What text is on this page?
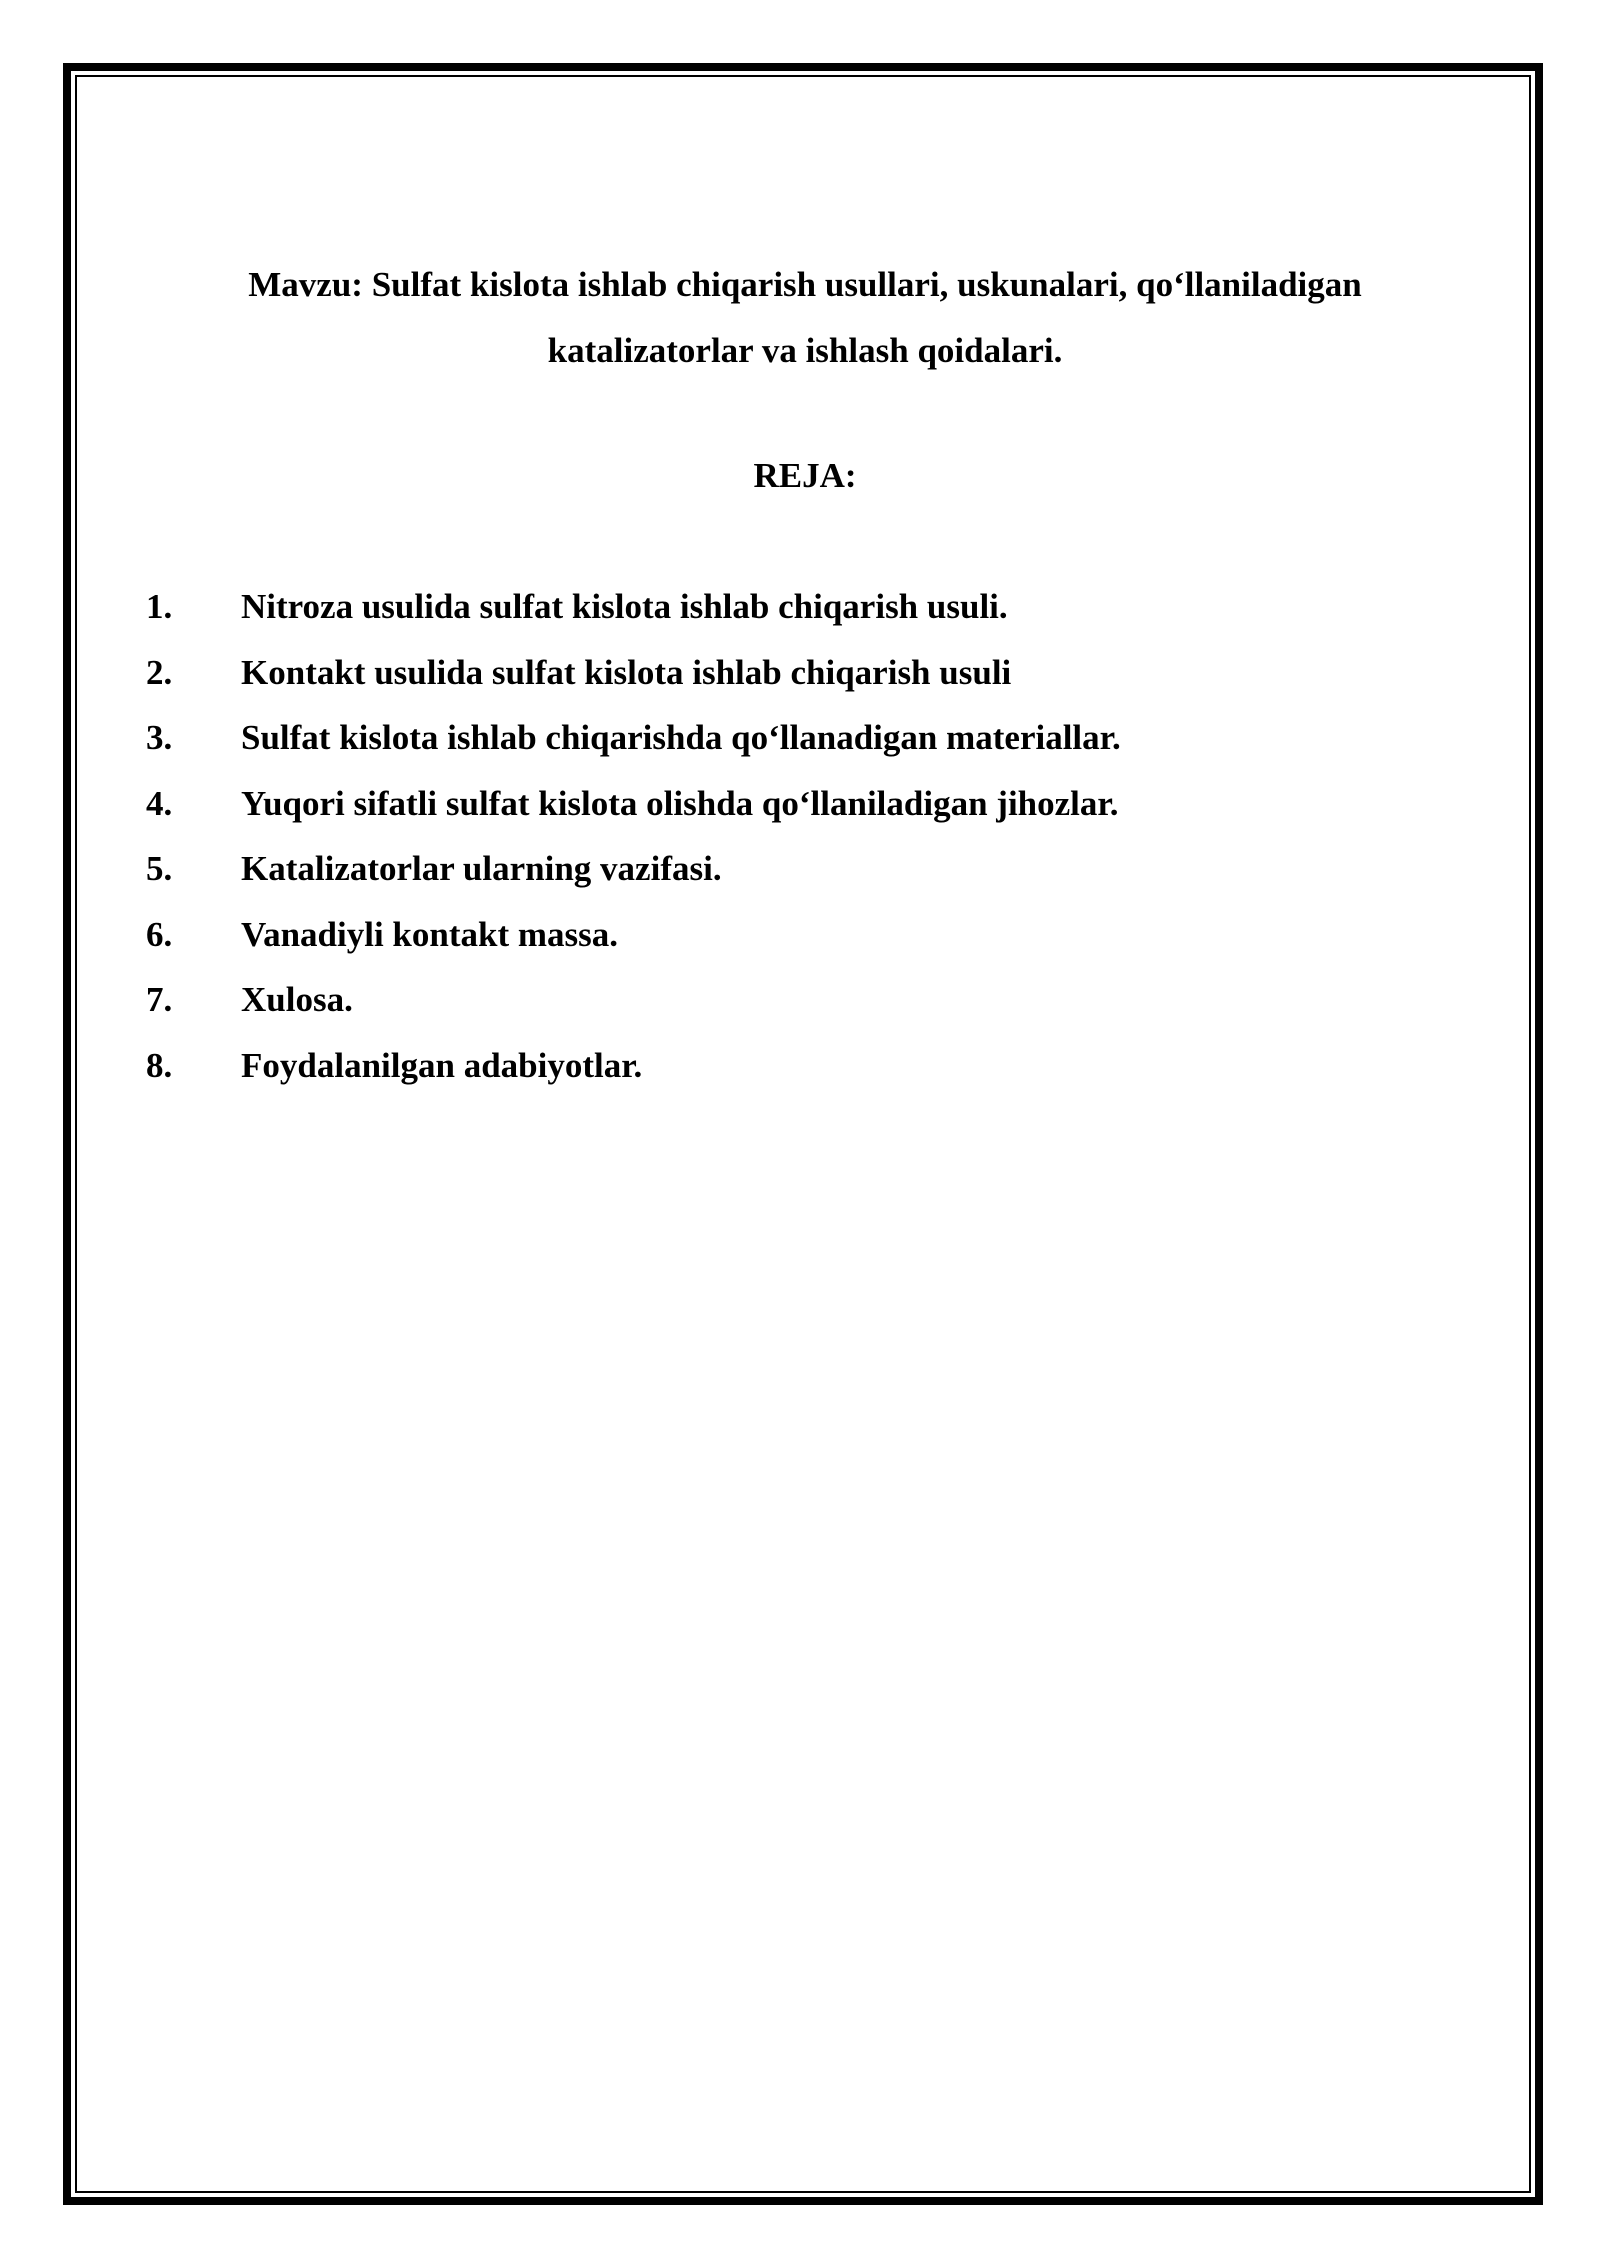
Mavzu: Sulfat kislota ishlab chiqarish usullari, uskunalari, qo‘llaniladigan katalizatorlar va ishlash qoidalari.
REJA:
1.	Nitroza usulida sulfat kislota ishlab chiqarish usuli.
2.	Kontakt usulida sulfat kislota ishlab chiqarish usuli
3.	Sulfat kislota ishlab chiqarishda qo‘llanadigan materiallar.
4.	Yuqori sifatli sulfat kislota olishda qo‘llaniladigan jihozlar.
5.	Katalizatorlar ularning vazifasi.
6.	Vanadiyli kontakt massa.
7.	Xulosa.
8.	Foydalanilgan adabiyotlar.
